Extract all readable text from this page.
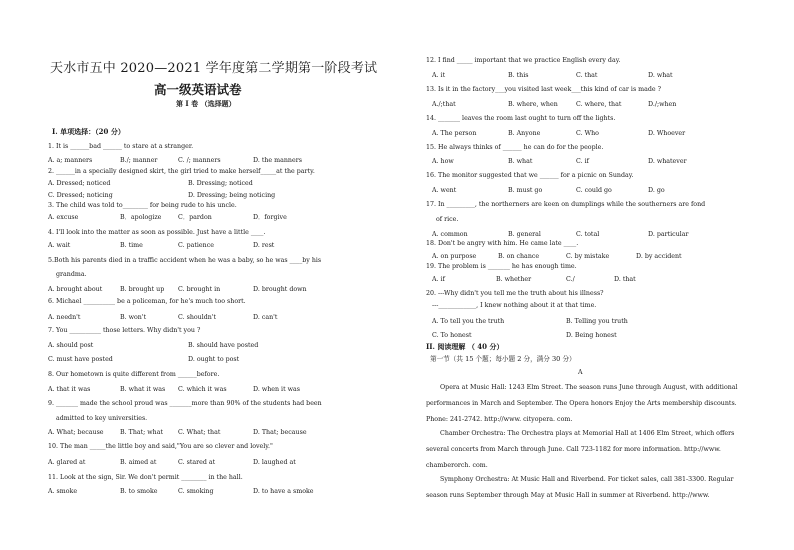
天水市五中 2020—2021 学年度第二学期第一阶段考试
高一级英语试卷
第 I 卷 （选择题）
I. 单项选择：（20 分）
1. It is ______bad ______ to stare at a stranger.
A. a; manners	B./; manner	C. /; manners	D. the manners
2. ______in a specially designed skirt, the girl tried to make herself_____at the party.
A. Dressed; noticed	B. Dressing; noticed
C. Dressed; noticing	D. Dressing; being noticing
3. The child was told to________ for being rude to his uncle.
A. excuse	B．apologize	C．pardon	D．forgive
4. I'll look into the matter as soon as possible. Just have a little ____.
A. wait	B. time	C. patience	D. rest
5.Both his parents died in a traffic accident when he was a baby, so he was ____by his
grandma.
A. brought about	B. brought up C. brought in	D. brought down
6. Michael __________ be a policeman, for he's much too short.
A. needn't	B. won't	C. shouldn't	D. can't
7. You __________ those letters. Why didn't you ?
A. should post	B. should have posted
C. must have posted	D. ought to post
8. Our hometown is quite different from ______before.
A. that it was	B. what it was C. which it was	D. when it was
9. _______ made the school proud was _______more than 90% of the students had been
admitted to key universities.
A. What; because	B. That; what C. What; that	D. That; because
10. The man _____the little boy and said,"You are so clever and lovely."
A. glared at	B. aimed at	C. stared at	D. laughed at
11. Look at the sign, Sir. We don't permit ________ in the hall.
A. smoke	B. to smoke	C. smoking	D. to have a smoke
12. I find _____ important that we practice English every day.
A. it	B. this	C. that	D. what
13. Is it in the factory___you visited last week___this kind of car is made ?
A./;that	B. where, when	C. where, that	D./;when
14. _______ leaves the room last ought to turn off the lights.
A. The person	B. Anyone	C. Who	D. Whoever
15. He always thinks of ______ he can do for the people.
A. how	B. what	C. if	D. whatever
16. The monitor suggested that we ______ for a picnic on Sunday.
A. went	B. must go	C. could go	D. go
17. In _________, the northerners are keen on dumplings while the southerners are fond
of rice.
A. common	B. general	C. total	D. particular
18. Don't be angry with him. He came late ____.
A. on purpose	B. on chance	C. by mistake	D. by accident
19. The problem is _______ he has enough time.
A. if	B. whether	C./	D. that
20. ---Why didn't you tell me the truth about his illness?
---____________, I knew nothing about it at that time.
A. To tell you the truth	B. Telling you truth
C. To honest	D. Being honest
II. 阅读理解 （ 40 分）
第一节（共 15 个题；每小题 2 分，满分 30 分）
A
Opera at Music Hall: 1243 Elm Street. The season runs June through August, with additional
performances in March and September. The Opera honors Enjoy the Arts membership discounts.
Phone: 241-2742. http://www. cityopera. com.
Chamber Orchestra: The Orchestra plays at Memorial Hall at 1406 Elm Street, which offers
several concerts from March through June. Call 723-1182 for more information. http://www.
chamberorch. com.
Symphony Orchestra: At Music Hall and Riverbend. For ticket sales, call 381-3300. Regular
season runs September through May at Music Hall in summer at Riverbend. http://www.
